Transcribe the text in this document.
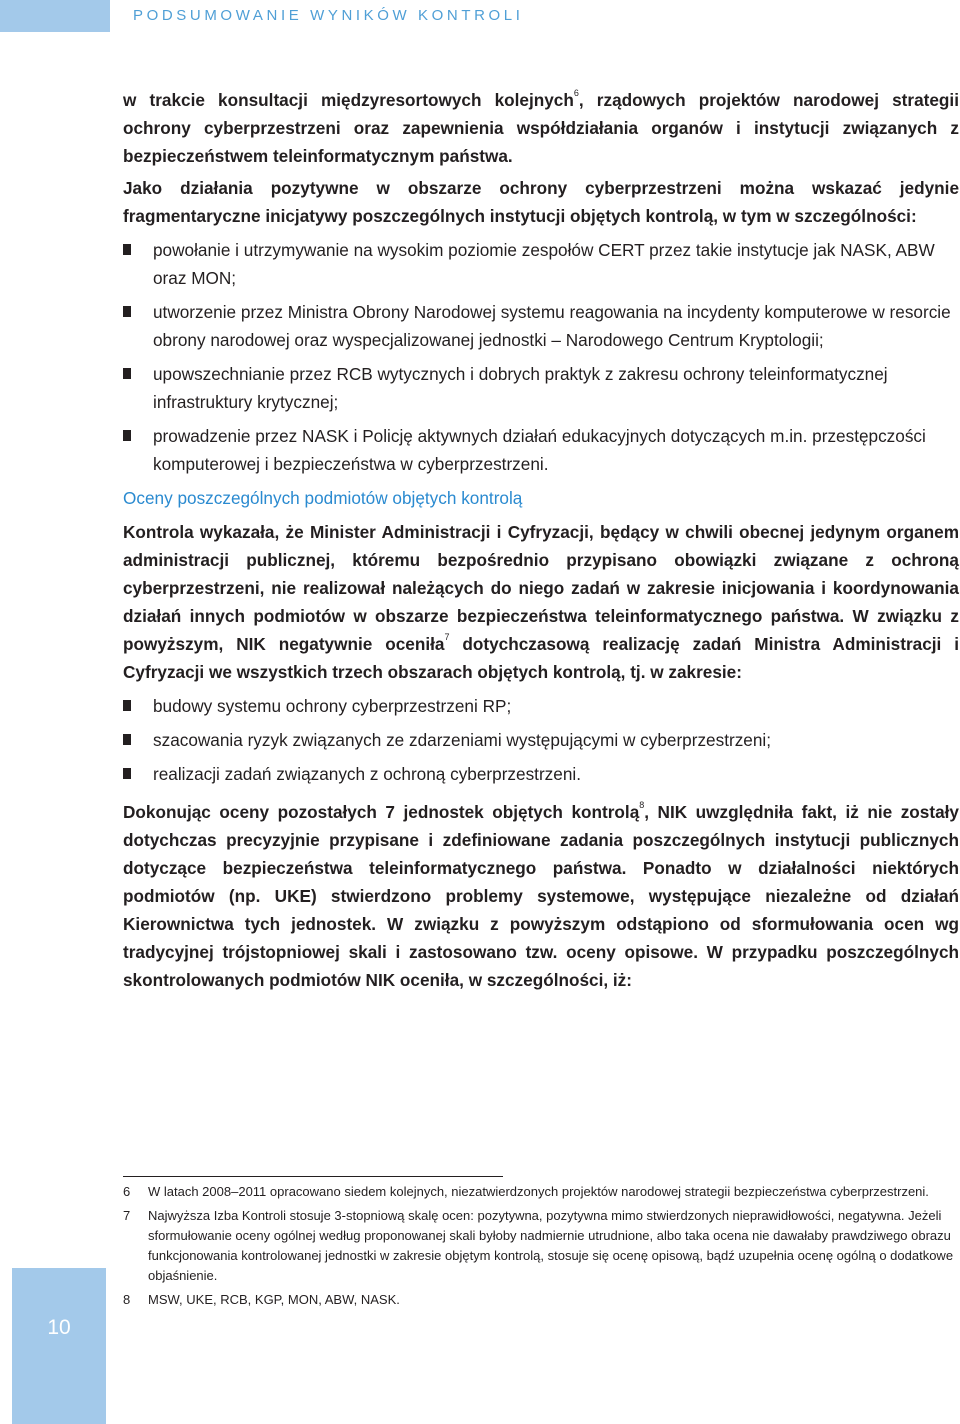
PODSUMOWANIE WYNIKÓW KONTROLI

w trakcie konsultacji międzyresortowych kolejnych$^6$, rządowych projektów narodowej strategii ochrony cyberprzestrzeni oraz zapewnienia współdziałania organów i instytucji związanych z bezpieczeństwem teleinformatycznym państwa.

Jako działania pozytywne w obszarze ochrony cyberprzestrzeni można wskazać jedynie fragmentaryczne inicjatywy poszczególnych instytucji objętych kontrolą, w tym w szczególności:

powołanie i utrzymywanie na wysokim poziomie zespołów CERT przez takie instytucje jak NASK, ABW oraz MON;
utworzenie przez Ministra Obrony Narodowej systemu reagowania na incydenty komputerowe w resorcie obrony narodowej oraz wyspecjalizowanej jednostki – Narodowego Centrum Kryptologii;
upowszechnianie przez RCB wytycznych i dobrych praktyk z zakresu ochrony teleinformatycznej infrastruktury krytycznej;
prowadzenie przez NASK i Policję aktywnych działań edukacyjnych dotyczących m.in. przestępczości komputerowej i bezpieczeństwa w cyberprzestrzeni.
Oceny poszczególnych podmiotów objętych kontrolą

Kontrola wykazała, że Minister Administracji i Cyfryzacji, będący w chwili obecnej jedynym organem administracji publicznej, któremu bezpośrednio przypisano obowiązki związane z ochroną cyberprzestrzeni, nie realizował należących do niego zadań w zakresie inicjowania i koordynowania działań innych podmiotów w obszarze bezpieczeństwa teleinformatycznego państwa. W związku z powyższym, NIK negatywnie oceniła$^7$ dotychczasową realizację zadań Ministra Administracji i Cyfryzacji we wszystkich trzech obszarach objętych kontrolą, tj. w zakresie:

budowy systemu ochrony cyberprzestrzeni RP;
szacowania ryzyk związanych ze zdarzeniami występującymi w cyberprzestrzeni;
realizacji zadań związanych z ochroną cyberprzestrzeni.

Dokonując oceny pozostałych 7 jednostek objętych kontrolą$^8$, NIK uwzględniła fakt, iż nie zostały dotychczas precyzyjnie przypisane i zdefiniowane zadania poszczególnych instytucji publicznych dotyczące bezpieczeństwa teleinformatycznego państwa. Ponadto w działalności niektórych podmiotów (np. UKE) stwierdzono problemy systemowe, występujące niezależne od działań Kierownictwa tych jednostek. W związku z powyższym odstąpiono od sformułowania ocen wg tradycyjnej trójstopniowej skali i zastosowano tzw. oceny opisowe. W przypadku poszczególnych skontrolowanych podmiotów NIK oceniła, w szczególności, iż:

6	W latach 2008–2011 opracowano siedem kolejnych, niezatwierdzonych projektów narodowej strategii bezpieczeństwa cyberprzestrzeni.
7	Najwyższa Izba Kontroli stosuje 3-stopniową skalę ocen: pozytywna, pozytywna mimo stwierdzonych nieprawidłowości, negatywna. Jeżeli sformułowanie oceny ogólnej według proponowanej skali byłoby nadmiernie utrudnione, albo taka ocena nie dawałaby prawdziwego obrazu funkcjonowania kontrolowanej jednostki w zakresie objętym kontrolą, stosuje się ocenę opisową, bądź uzupełnia ocenę ogólną o dodatkowe objaśnienie.
8	MSW, UKE, RCB, KGP, MON, ABW, NASK.
10
